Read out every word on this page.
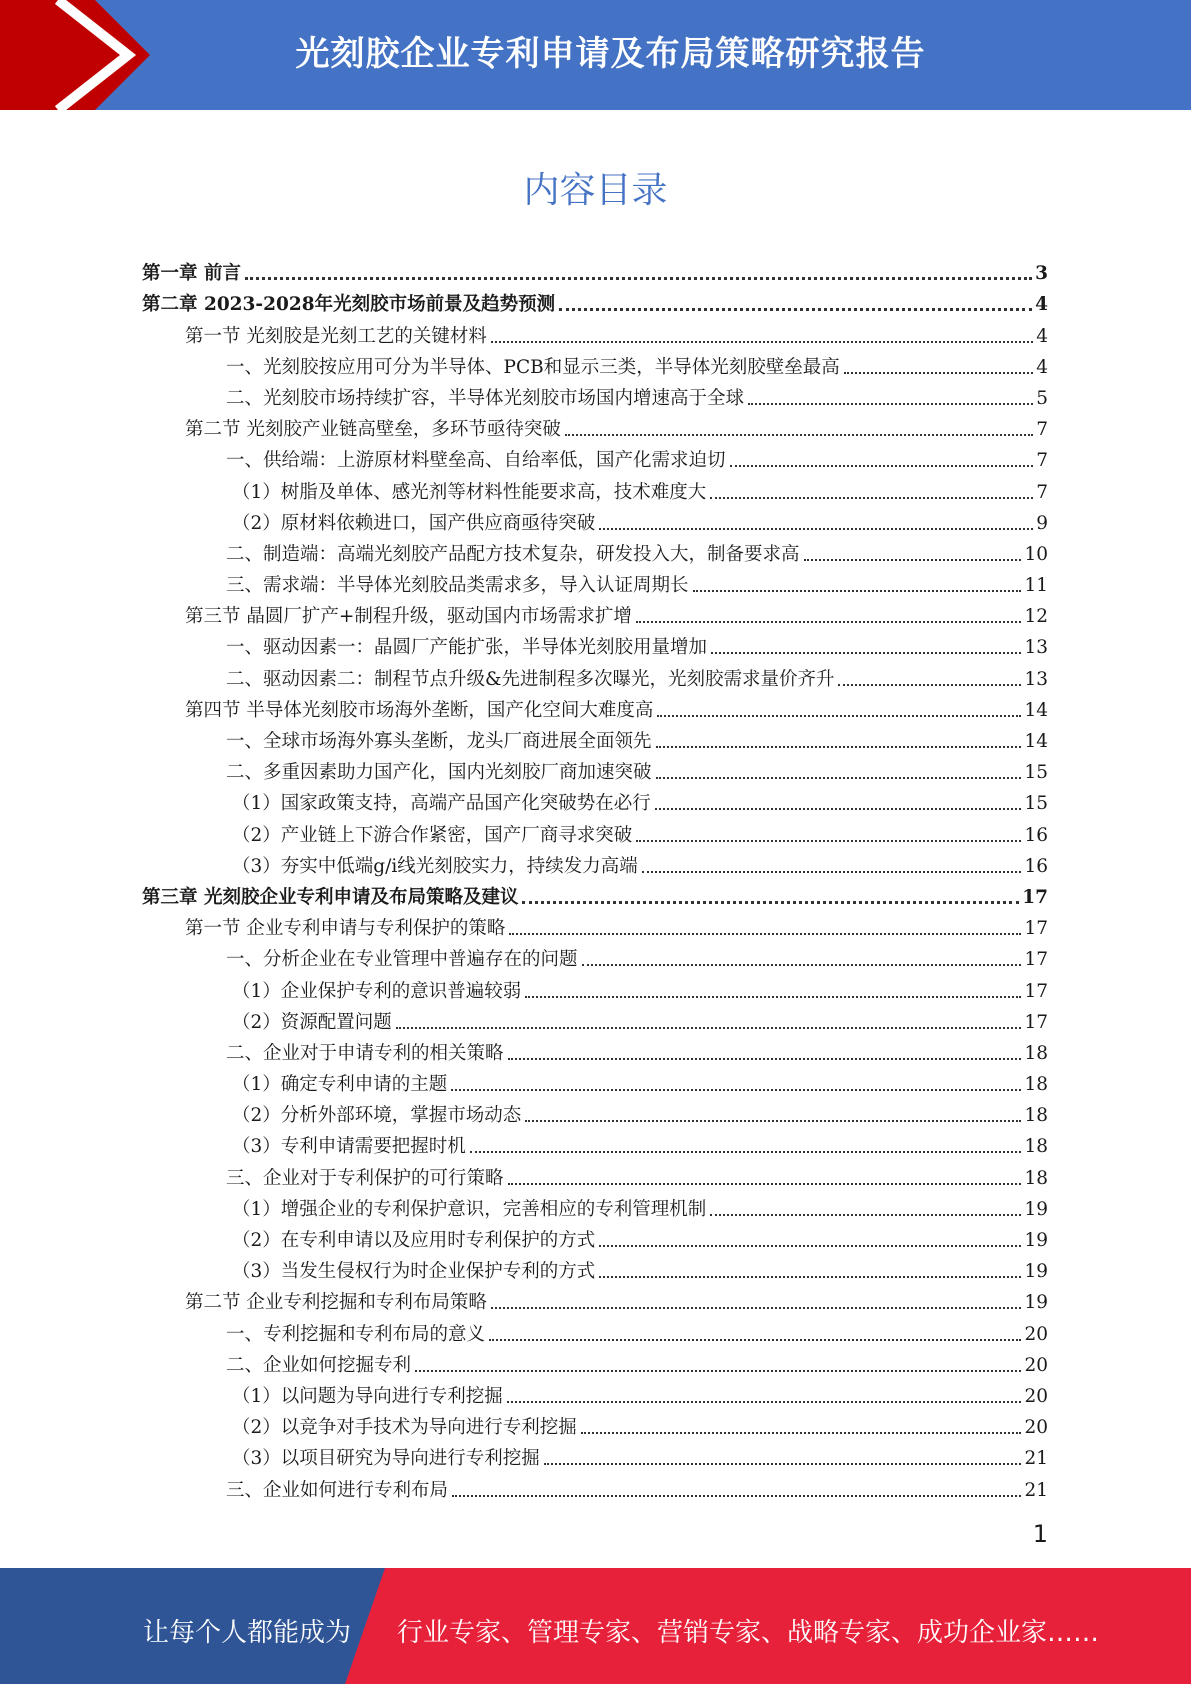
光刻胶企业专利申请及布局策略研究报告
内容目录
第一章 前言	3
第二章 2023-2028年光刻胶市场前景及趋势预测	4
第一节 光刻胶是光刻工艺的关键材料	4
一、光刻胶按应用可分为半导体、PCB和显示三类，半导体光刻胶壁垒最高	4
二、光刻胶市场持续扩容，半导体光刻胶市场国内增速高于全球	5
第二节 光刻胶产业链高壁垒，多环节亟待突破	7
一、供给端：上游原材料壁垒高、自给率低，国产化需求迫切	7
（1）树脂及单体、感光剂等材料性能要求高，技术难度大	7
（2）原材料依赖进口，国产供应商亟待突破	9
二、制造端：高端光刻胶产品配方技术复杂，研发投入大，制备要求高	10
三、需求端：半导体光刻胶品类需求多，导入认证周期长	11
第三节 晶圆厂扩产+制程升级，驱动国内市场需求扩增	12
一、驱动因素一：晶圆厂产能扩张，半导体光刻胶用量增加	13
二、驱动因素二：制程节点升级&先进制程多次曝光，光刻胶需求量价齐升	13
第四节 半导体光刻胶市场海外垄断，国产化空间大难度高	14
一、全球市场海外寡头垄断，龙头厂商进展全面领先	14
二、多重因素助力国产化，国内光刻胶厂商加速突破	15
（1）国家政策支持，高端产品国产化突破势在必行	15
（2）产业链上下游合作紧密，国产厂商寻求突破	16
（3）夯实中低端g/i线光刻胶实力，持续发力高端	16
第三章 光刻胶企业专利申请及布局策略及建议	17
第一节 企业专利申请与专利保护的策略	17
一、分析企业在专业管理中普遍存在的问题	17
（1）企业保护专利的意识普遍较弱	17
（2）资源配置问题	17
二、企业对于申请专利的相关策略	18
（1）确定专利申请的主题	18
（2）分析外部环境，掌握市场动态	18
（3）专利申请需要把握时机	18
三、企业对于专利保护的可行策略	18
（1）增强企业的专利保护意识，完善相应的专利管理机制	19
（2）在专利申请以及应用时专利保护的方式	19
（3）当发生侵权行为时企业保护专利的方式	19
第二节 企业专利挖掘和专利布局策略	19
一、专利挖掘和专利布局的意义	20
二、企业如何挖掘专利	20
（1）以问题为导向进行专利挖掘	20
（2）以竞争对手技术为导向进行专利挖掘	20
（3）以项目研究为导向进行专利挖掘	21
三、企业如何进行专利布局	21
1
让每个人都能成为 行业专家、管理专家、营销专家、战略专家、成功企业家……
